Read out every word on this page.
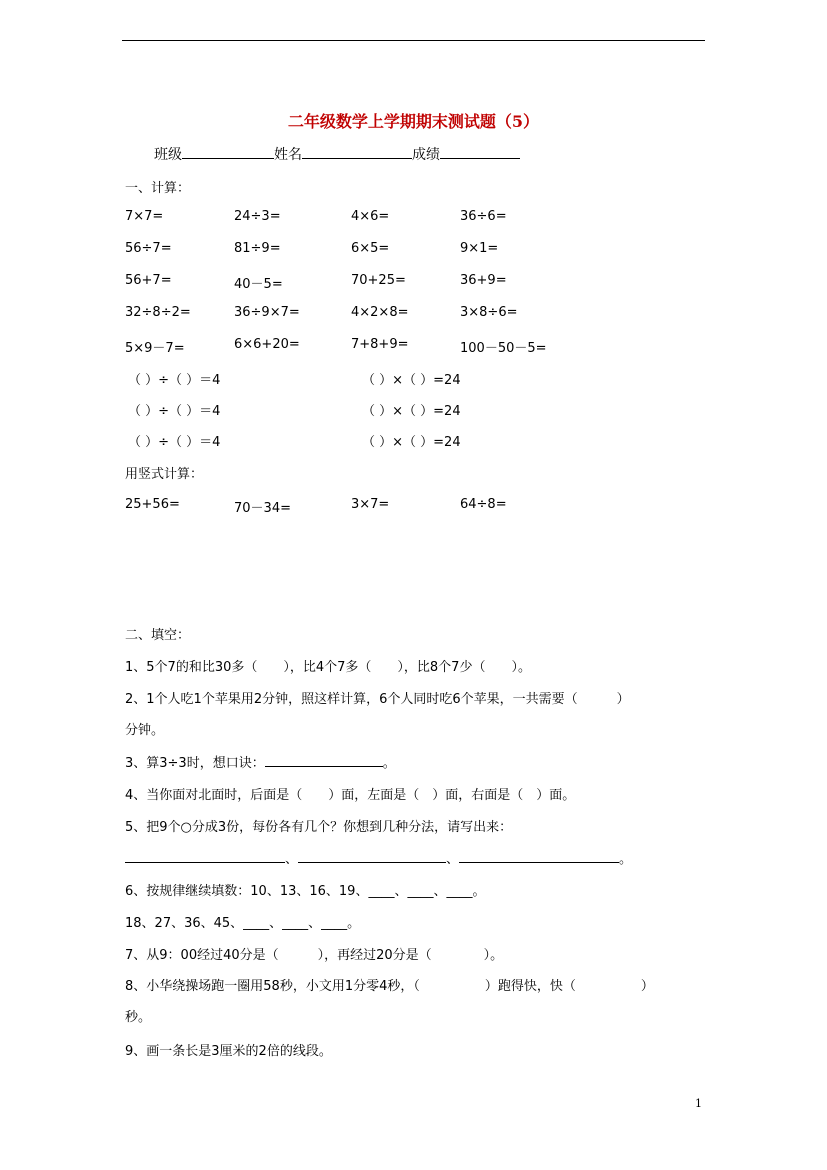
二年级数学上学期期末测试题（5）
班级	姓名	成绩
一、计算：
7×7=	24÷3=	4×6=	36÷6=
56÷7=	81÷9=	6×5=	9×1=
56+7=	40－5=	70+25=	36+9=
32÷8÷2=	36÷9×7=	4×2×8=	3×8÷6=
5×9－7=	6×6+20=	7+8+9=	100－50－5=
（ ）÷（ ）＝4	（ ）×（ ）=24
（ ）÷（ ）＝4	（ ）×（ ）=24
（ ）÷（ ）＝4	（ ）×（ ）=24
用竖式计算：
25+56=	70－34=	3×7=	64÷8=
二、填空：
1、5个7的和比30多（　　），比4个7多（　　），比8个7少（　　）。
2、1个人吃1个苹果用2分钟，照这样计算，6个人同时吃6个苹果，一共需要（　　　）
分钟。
3、算3÷3时，想口诀：	。
4、当你面对北面时，后面是（　　）面，左面是（　）面，右面是（　）面。
5、把9个○分成3份，每份各有几个？你想到几种分法，请写出来：
、	、	。
6、按规律继续填数：10、13、16、19、____、____、____。
18、27、36、45、____、____、____。
7、从9：00经过40分是（　　　），再经过20分是（　　　　）。
8、小华绕操场跑一圈用58秒，小文用1分零4秒，（　　　　　）跑得快，快（　　　　　）
秒。
9、画一条长是3厘米的2倍的线段。
1
